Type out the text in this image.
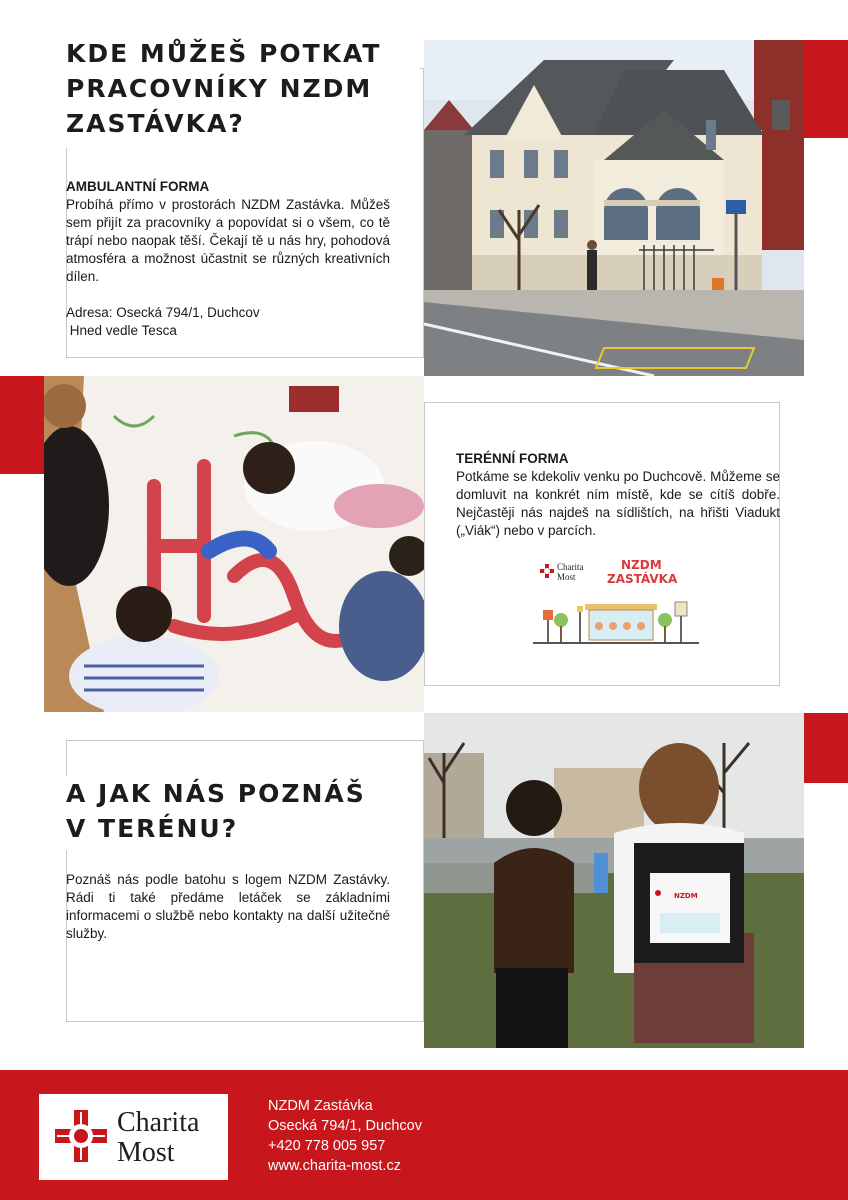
KDE MŮŽEŠ POTKAT

PRACOVNÍKY NZDM

ZASTÁVKA?

AMBULANTNÍ FORMA

Probíhá přímo v prostorách NZDM Zastávka. Můžeš sem přijít za pracovníky a popovídat si o všem, co tě trápí nebo naopak těší. Čekají tě u nás hry, pohodová atmosféra a možnost účastnit se různých kreativních dílen.

Adresa: Osecká 794/1, Duchcov

Hned vedle Tesca

TERÉNNÍ FORMA

Potkáme se kdekoliv venku po Duchcově. Můžeme se domluvit na konkrét ním místě, kde se cítíš dobře. Nejčastěji nás najdeš na sídlištích, na hřišti Viadukt („Viák“) nebo v parcích.

Charita
Most
NZDM
ZASTÁVKA

A JAK NÁS POZNÁŠ

V TERÉNU?

Poznáš nás podle batohu s logem NZDM Zastávky. Rádi ti také předáme letáček se základními informacemi o službě nebo kontakty na další užitečné služby.

NZDM
Charita
Most

NZDM Zastávka

Osecká 794/1, Duchcov

+420 778 005 957

www.charita-most.cz
